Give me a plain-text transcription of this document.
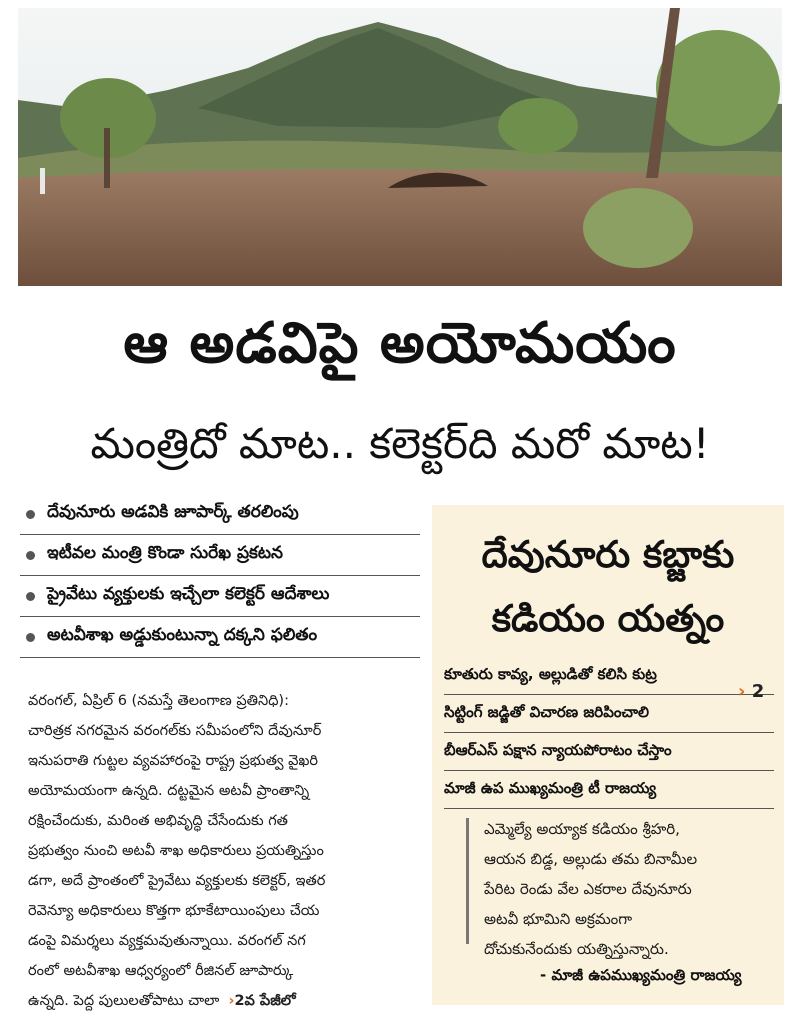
ఆ అడవిపై అయోమయం
మంత్రిదో మాట.. కలెక్టర్‌ది మరో మాట!
దేవునూరు అడవికి జూపార్క్‌ తరలింపు
ఇటీవల మంత్రి కొండా సురేఖ ప్రకటన
ప్రైవేటు వ్యక్తులకు ఇచ్చేలా కలెక్టర్‌ ఆదేశాలు
అటవీశాఖ అడ్డుకుంటున్నా దక్కని ఫలితం
వరంగల్‌, ఏప్రిల్‌ 6 (నమస్తే తెలంగాణ ప్రతినిధి):
చారిత్రక నగరమైన వరంగల్‌కు సమీపంలోని దేవునూర్‌
ఇనుపరాతి గుట్టల వ్యవహారంపై రాష్ట్ర ప్రభుత్వ వైఖరి
అయోమయంగా ఉన్నది. దట్టమైన అటవీ ప్రాంతాన్ని
రక్షించేందుకు, మరింత అభివృద్ధి చేసేందుకు గత
ప్రభుత్వం నుంచి అటవీ శాఖ అధికారులు ప్రయత్నిస్తుం
డగా, అదే ప్రాంతంలో ప్రైవేటు వ్యక్తులకు కలెక్టర్‌, ఇతర
రెవెన్యూ అధికారులు కొత్తగా భూకేటాయింపులు చేయ
డంపై విమర్శలు వ్యక్తమవుతున్నాయి. వరంగల్‌ నగ
రంలో అటవీశాఖ ఆధ్వర్యంలో రీజినల్‌ జూపార్కు
ఉన్నది. పెద్ద పులులతోపాటు చాలా ›2వ పేజీలో
దేవునూరు కబ్జాకు
కడియం యత్నం
కూతురు కావ్య, అల్లుడితో కలిసి కుట్ర
సిట్టింగ్‌ జడ్జితో విచారణ జరిపించాలి
బీఆర్‌ఎస్‌ పక్షాన న్యాయపోరాటం చేస్తాం
మాజీ ఉప ముఖ్యమంత్రి టీ రాజయ్య
› 2
ఎమ్మెల్యే అయ్యాక కడియం శ్రీహరి,
ఆయన బిడ్డ, అల్లుడు తమ బినామీల
పేరిట రెండు వేల ఎకరాల దేవునూరు
అటవీ భూమిని అక్రమంగా
దోచుకునేందుకు యత్నిస్తున్నారు.
- మాజీ ఉపముఖ్యమంత్రి రాజయ్య
